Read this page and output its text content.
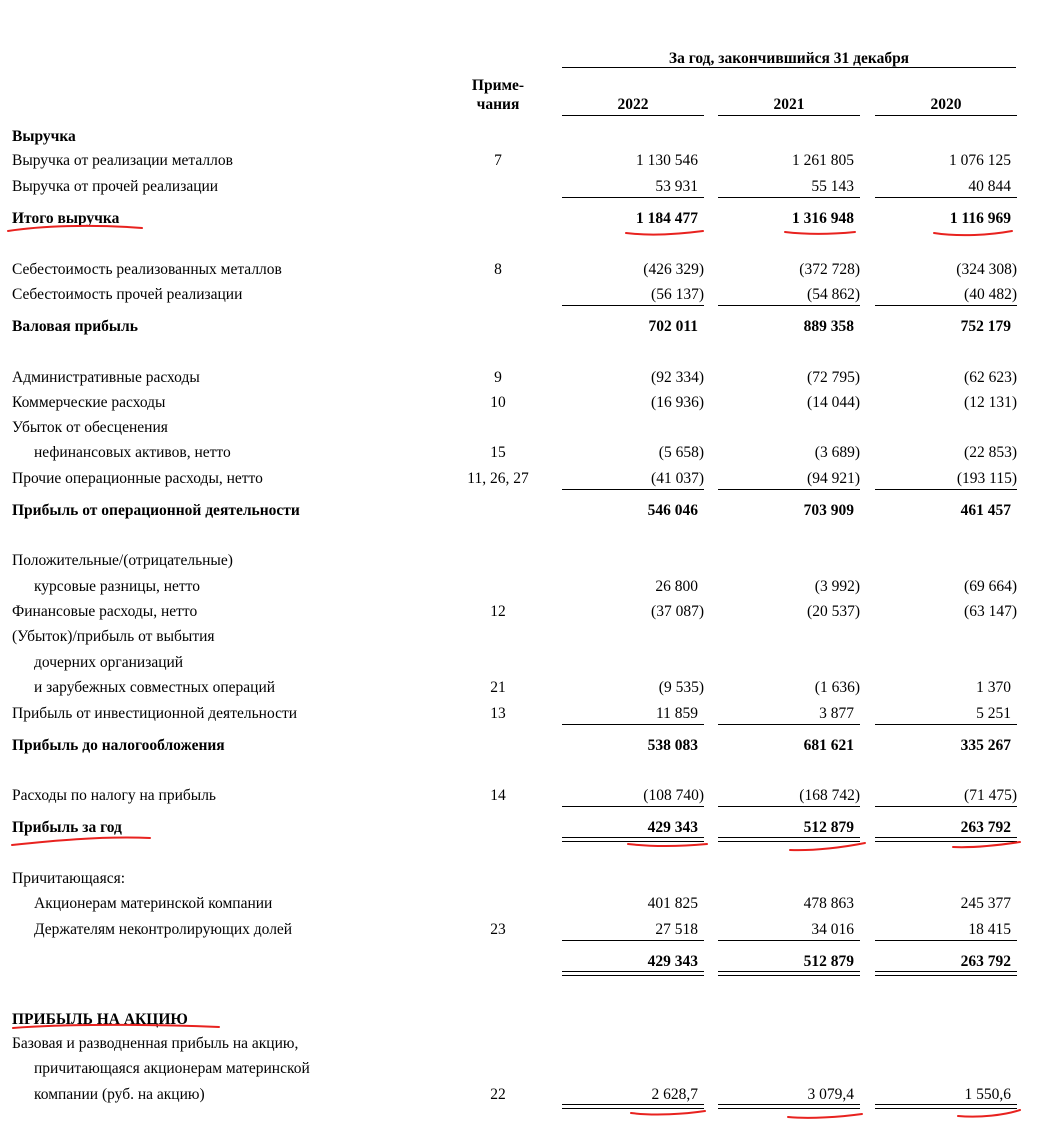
За год, закончившийся 31 декабря
Приме-
чания	2022	2021	2020
Выручка
Выручка от реализации металлов	7	1 130 546	1 261 805	1 076 125
Выручка от прочей реализации	53 931	55 143	40 844
Итого выручка	1 184 477	1 316 948	1 116 969
Себестоимость реализованных металлов	8	(426 329)	(372 728)	(324 308)
Себестоимость прочей реализации	(56 137)	(54 862)	(40 482)
Валовая прибыль	702 011	889 358	752 179
Административные расходы	9	(92 334)	(72 795)	(62 623)
Коммерческие расходы	10	(16 936)	(14 044)	(12 131)
Убыток от обесценения
нефинансовых активов, нетто	15	(5 658)	(3 689)	(22 853)
Прочие операционные расходы, нетто	11, 26, 27	(41 037)	(94 921)	(193 115)
Прибыль от операционной деятельности	546 046	703 909	461 457
Положительные/(отрицательные)
курсовые разницы, нетто	26 800	(3 992)	(69 664)
Финансовые расходы, нетто	12	(37 087)	(20 537)	(63 147)
(Убыток)/прибыль от выбытия
дочерних организаций
и зарубежных совместных операций	21	(9 535)	(1 636)	1 370
Прибыль от инвестиционной деятельности	13	11 859	3 877	5 251
Прибыль до налогообложения	538 083	681 621	335 267
Расходы по налогу на прибыль	14	(108 740)	(168 742)	(71 475)
Прибыль за год	429 343	512 879	263 792
Причитающаяся:
Акционерам материнской компании	401 825	478 863	245 377
Держателям неконтролирующих долей	23	27 518	34 016	18 415
429 343	512 879	263 792
ПРИБЫЛЬ НА АКЦИЮ
Базовая и разводненная прибыль на акцию,
причитающаяся акционерам материнской
компании (руб. на акцию)	22	2 628,7	3 079,4	1 550,6
